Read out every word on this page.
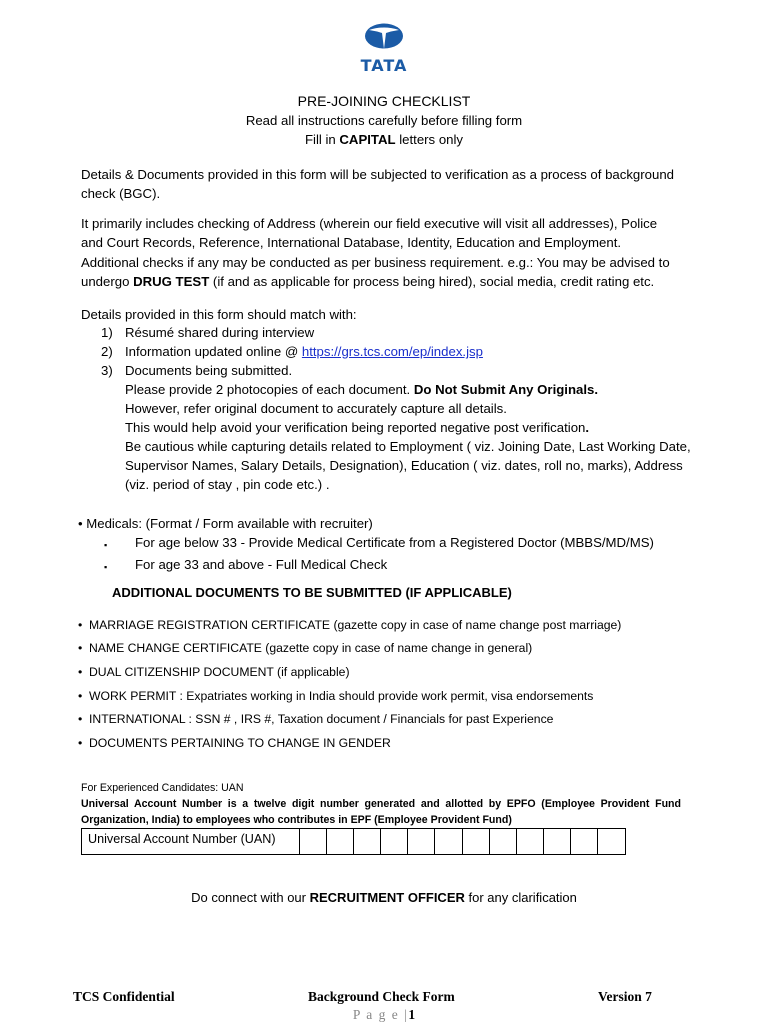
TATA
PRE-JOINING CHECKLIST
Read all instructions carefully before filling form
Fill in CAPITAL letters only
Details & Documents provided in this form will be subjected to verification as a process of background check (BGC).
It primarily includes checking of Address (wherein our field executive will visit all addresses), Police and Court Records, Reference, International Database, Identity, Education and Employment. Additional checks if any may be conducted as per business requirement. e.g.: You may be advised to undergo DRUG TEST (if and as applicable for process being hired), social media, credit rating etc.
Details provided in this form should match with:
1) Résumé shared during interview
2) Information updated online @ https://grs.tcs.com/ep/index.jsp
3) Documents being submitted.
Please provide 2 photocopies of each document. Do Not Submit Any Originals.
However, refer original document to accurately capture all details.
This would help avoid your verification being reported negative post verification.
Be cautious while capturing details related to Employment ( viz. Joining Date, Last Working Date, Supervisor Names, Salary Details, Designation), Education ( viz. dates, roll no, marks), Address (viz. period of stay , pin code etc.) .
• Medicals: (Format / Form available with recruiter)
▪	For age below 33 - Provide Medical Certificate from a Registered Doctor (MBBS/MD/MS)
▪	For age 33 and above - Full Medical Check
ADDITIONAL DOCUMENTS TO BE SUBMITTED (IF APPLICABLE)
• MARRIAGE REGISTRATION CERTIFICATE (gazette copy in case of name change post marriage)
• NAME CHANGE CERTIFICATE (gazette copy in case of name change in general)
• DUAL CITIZENSHIP DOCUMENT (if applicable)
• WORK PERMIT : Expatriates working in India should provide work permit, visa endorsements
• INTERNATIONAL : SSN # , IRS #, Taxation document / Financials for past Experience
• DOCUMENTS PERTAINING TO CHANGE IN GENDER
For Experienced Candidates: UAN
Universal Account Number is a twelve digit number generated and allotted by EPFO (Employee Provident Fund Organization, India) to employees who contributes in EPF (Employee Provident Fund)
Universal Account Number (UAN)
Do connect with our RECRUITMENT OFFICER for any clarification
TCS Confidential	Background Check Form	Version 7
P a g e |1
